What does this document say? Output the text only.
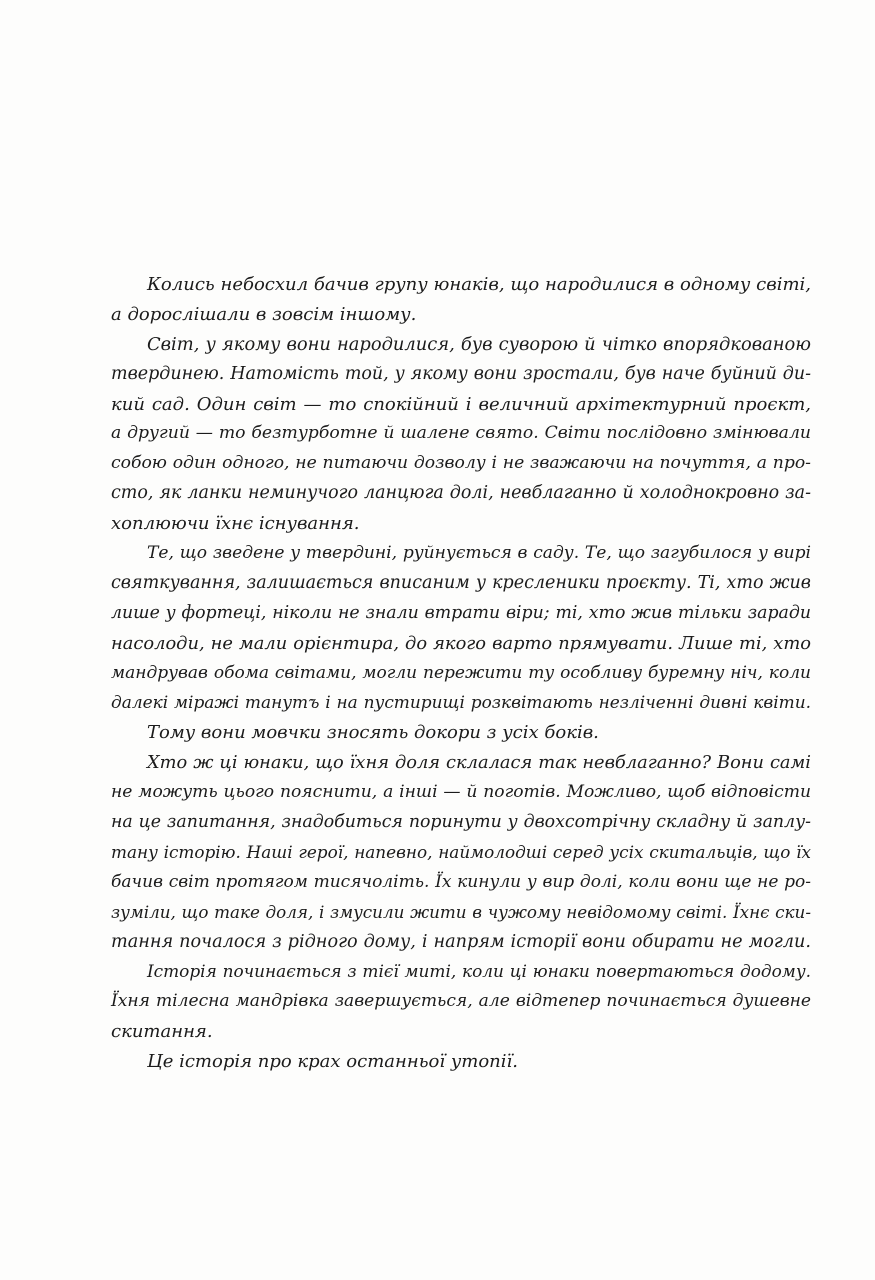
Колись небосхил бачив групу юнаків, що народилися в одному світі,
а дорослішали в зовсім іншому.
Світ, у якому вони народилися, був суворою й чітко впорядкованою
твердинею. Натомість той, у якому вони зростали, був наче буйний ди-
кий сад. Один світ — то спокійний і величний архітектурний проєкт,
а другий — то безтурботне й шалене свято. Світи послідовно змінювали
собою один одного, не питаючи дозволу і не зважаючи на почуття, а про-
сто, як ланки неминучого ланцюга долі, невблаганно й холоднокровно за-
хоплюючи їхнє існування.
Те, що зведене у твердині, руйнується в саду. Те, що загубилося у вирі
святкування, залишається вписаним у кресленики проєкту. Ті, хто жив
лише у фортеці, ніколи не знали втрати віри; ті, хто жив тільки заради
насолоди, не мали орієнтира, до якого варто прямувати. Лише ті, хто
мандрував обома світами, могли пережити ту особливу буремну ніч, коли
далекі міражі танутъ і на пустирищі розквітають незліченні дивні квіти.
Тому вони мовчки зносять докори з усіх боків.
Хто ж ці юнаки, що їхня доля склалася так невблаганно? Вони самі
не можуть цього пояснити, а інші — й поготів. Можливо, щоб відповісти
на це запитання, знадобиться поринути у двохсотрічну складну й заплу-
тану історію. Наші герої, напевно, наймолодші серед усіх скитальців, що їх
бачив світ протягом тисячоліть. Їх кинули у вир долі, коли вони ще не ро-
зуміли, що таке доля, і змусили жити в чужому невідомому світі. Їхнє ски-
тання почалося з рідного дому, і напрям історії вони обирати не могли.
Історія починається з тієї миті, коли ці юнаки повертаються додому.
Їхня тілесна мандрівка завершується, але відтепер починається душевне
скитання.
Це історія про крах останньої утопії.
